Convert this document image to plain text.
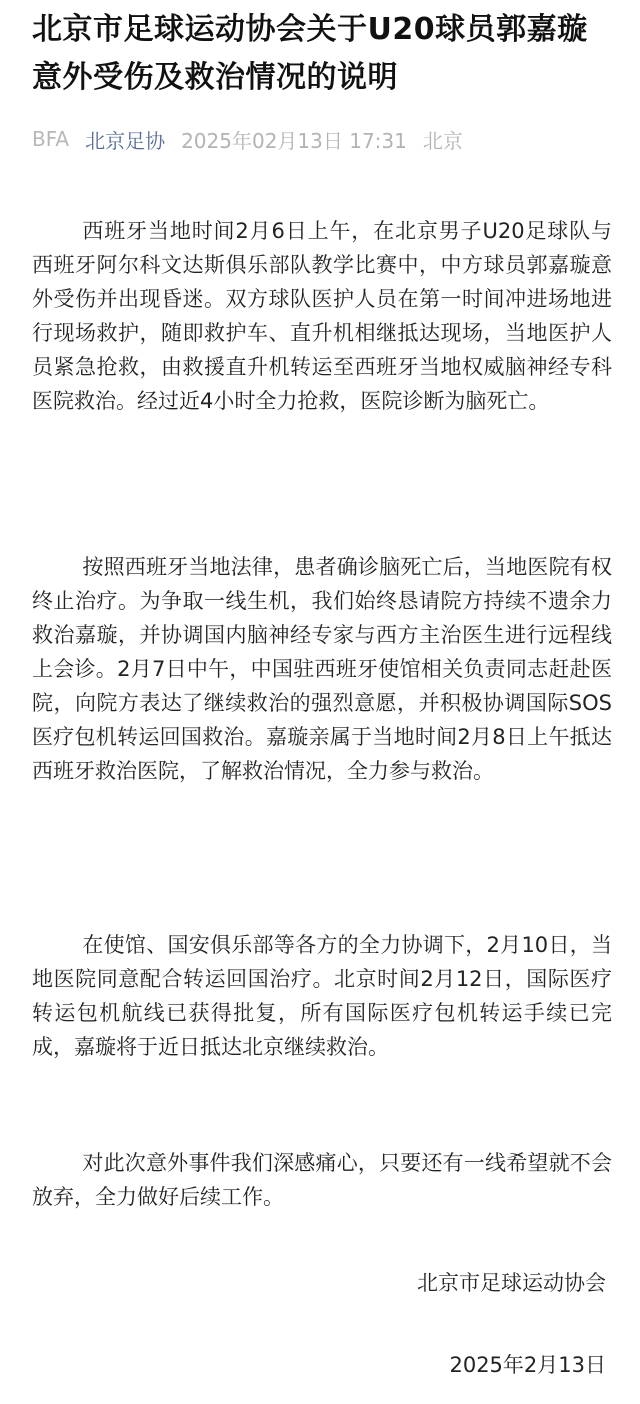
北京市足球运动协会关于U20球员郭嘉璇意外受伤及救治情况的说明
BFA 北京足协 2025年02月13日 17:31 北京

西班牙当地时间2月6日上午，在北京男子U20足球队与西班牙阿尔科文达斯俱乐部队教学比赛中，中方球员郭嘉璇意外受伤并出现昏迷。双方球队医护人员在第一时间冲进场地进行现场救护，随即救护车、直升机相继抵达现场，当地医护人员紧急抢救，由救援直升机转运至西班牙当地权威脑神经专科医院救治。经过近4小时全力抢救，医院诊断为脑死亡。

按照西班牙当地法律，患者确诊脑死亡后，当地医院有权终止治疗。为争取一线生机，我们始终恳请院方持续不遗余力救治嘉璇，并协调国内脑神经专家与西方主治医生进行远程线上会诊。2月7日中午，中国驻西班牙使馆相关负责同志赶赴医院，向院方表达了继续救治的强烈意愿，并积极协调国际SOS医疗包机转运回国救治。嘉璇亲属于当地时间2月8日上午抵达西班牙救治医院，了解救治情况，全力参与救治。

在使馆、国安俱乐部等各方的全力协调下，2月10日，当地医院同意配合转运回国治疗。北京时间2月12日，国际医疗转运包机航线已获得批复，所有国际医疗包机转运手续已完成，嘉璇将于近日抵达北京继续救治。

对此次意外事件我们深感痛心，只要还有一线希望就不会放弃，全力做好后续工作。

北京市足球运动协会
2025年2月13日
